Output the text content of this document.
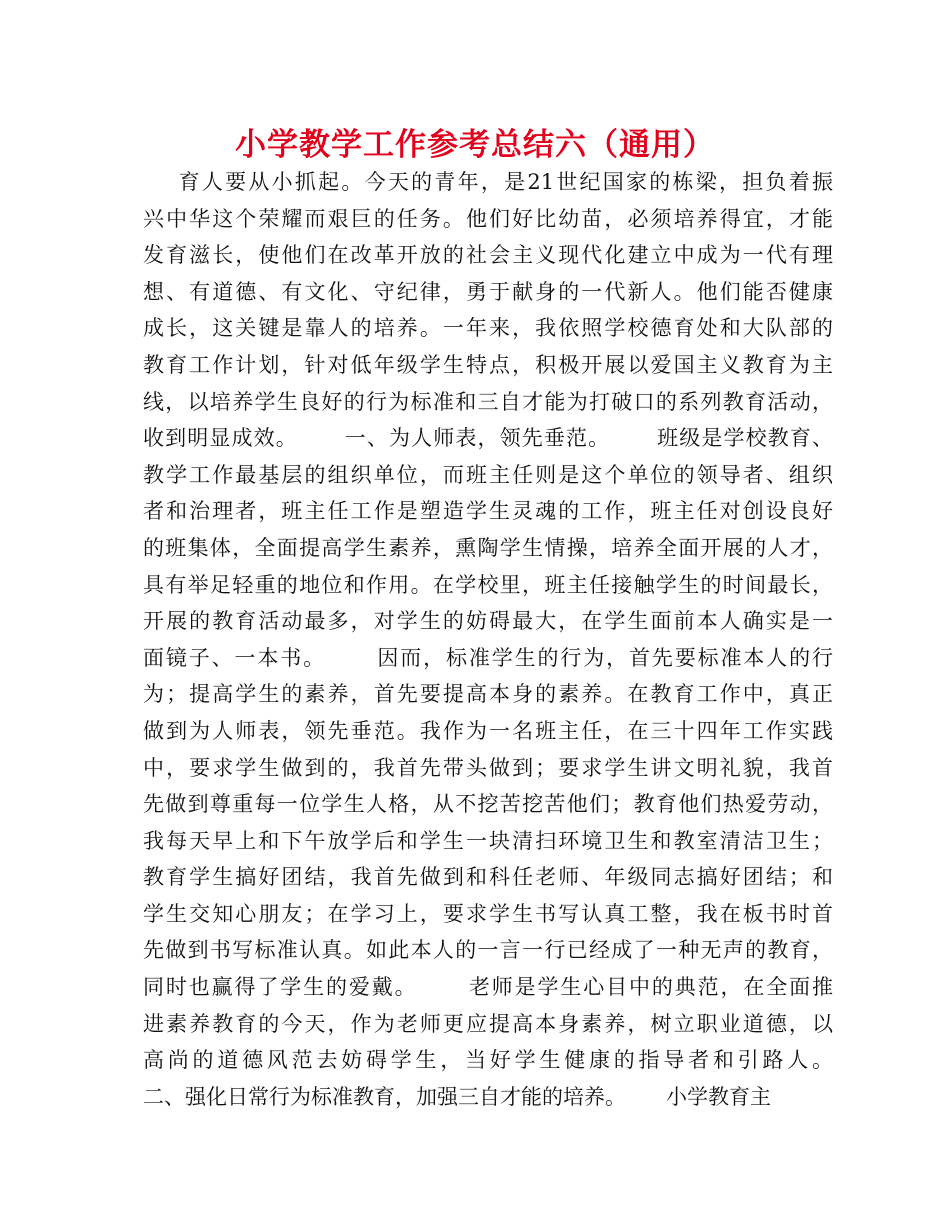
小学教学工作参考总结六（通用）
育人要从小抓起。今天的青年，是21世纪国家的栋梁，担负着振
兴中华这个荣耀而艰巨的任务。他们好比幼苗，必须培养得宜，才能
发育滋长，使他们在改革开放的社会主义现代化建立中成为一代有理
想、有道德、有文化、守纪律，勇于献身的一代新人。他们能否健康
成长，这关键是靠人的培养。一年来，我依照学校德育处和大队部的
教育工作计划，针对低年级学生特点，积极开展以爱国主义教育为主
线，以培养学生良好的行为标准和三自才能为打破口的系列教育活动，
收到明显成效。      一、为人师表，领先垂范。      班级是学校教育、
教学工作最基层的组织单位，而班主任则是这个单位的领导者、组织
者和治理者，班主任工作是塑造学生灵魂的工作，班主任对创设良好
的班集体，全面提高学生素养，熏陶学生情操，培养全面开展的人才，
具有举足轻重的地位和作用。在学校里，班主任接触学生的时间最长，
开展的教育活动最多，对学生的妨碍最大，在学生面前本人确实是一
面镜子、一本书。      因而，标准学生的行为，首先要标准本人的行
为；提高学生的素养，首先要提高本身的素养。在教育工作中，真正
做到为人师表，领先垂范。我作为一名班主任，在三十四年工作实践
中，要求学生做到的，我首先带头做到；要求学生讲文明礼貌，我首
先做到尊重每一位学生人格，从不挖苦挖苦他们；教育他们热爱劳动，
我每天早上和下午放学后和学生一块清扫环境卫生和教室清洁卫生；
教育学生搞好团结，我首先做到和科任老师、年级同志搞好团结；和
学生交知心朋友；在学习上，要求学生书写认真工整，我在板书时首
先做到书写标准认真。如此本人的一言一行已经成了一种无声的教育，
同时也赢得了学生的爱戴。      老师是学生心目中的典范，在全面推
进素养教育的今天，作为老师更应提高本身素养，树立职业道德，以
高尚的道德风范去妨碍学生，当好学生健康的指导者和引路人。
二、强化日常行为标准教育，加强三自才能的培养。      小学教育主
